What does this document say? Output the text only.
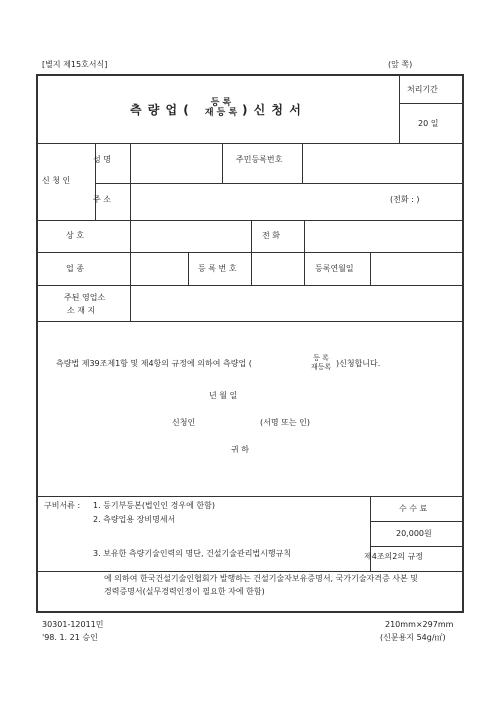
[별지 제15호서식]	(앞 쪽)
측 량 업 (	등 록
재 등 록 ) 신 청 서
처리기간
20 일
신 청 인
성 명	주민등록번호
주 소	(전화 : )
상 호	전 화
업 종	등 록 번 호	등록연월일
주된 영업소
소 재 지
측량법 제39조제1항 및 제4항의 규정에 의하여 측량업 (
등 록
재등록 )신청합니다.
년 월 일
신청인	(서명 또는 인)
귀 하
구비서류 : 1. 등기부등본(법인인 경우에 한함)
2. 측량업용 장비명세서
3. 보유한 측량기술인력의 명단, 건설기술관리법시행규칙	제4조의2의 규정
에 의하여 한국건설기술인협회가 발행하는 건설기술자보유증명서, 국가기술자격증 사본 및
경력증명서(실무경력인정이 필요한 자에 한함)
수 수 료
20,000원
30301-12011민
'98. 1. 21 승인
210mm×297mm
(신문용지 54g/㎡)
